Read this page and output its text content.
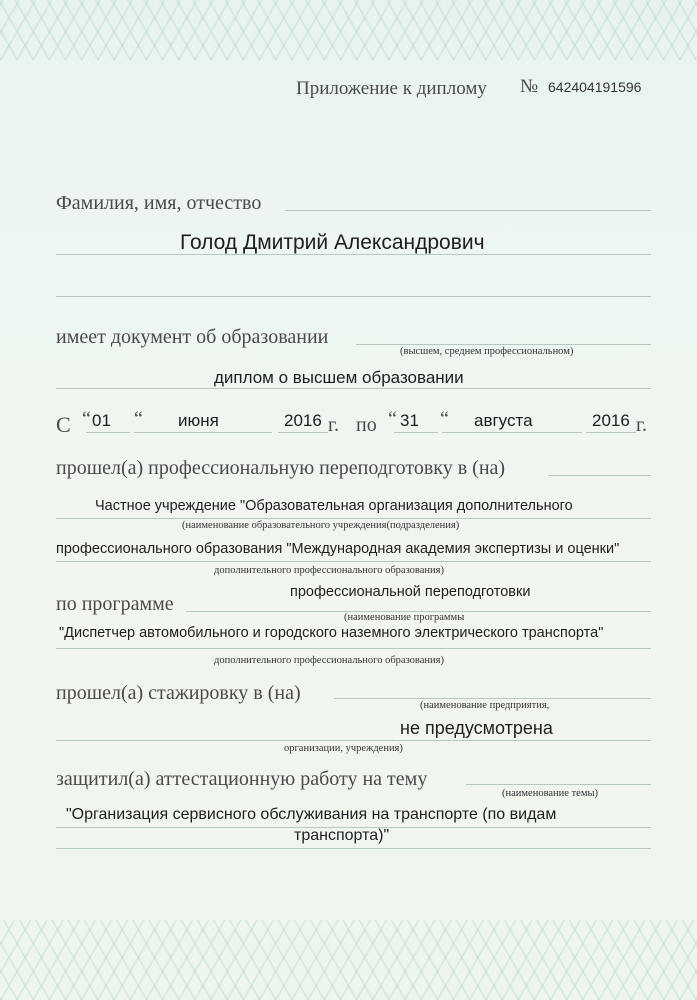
Приложение к диплому № 642404191596
Фамилия, имя, отчество
Голод Дмитрий Александрович
имеет документ об образовании
(высшем, среднем профессиональном)
диплом о высшем образовании
С “ 01 “ июня	2016 г. по “ 31 “ августа	2016 г.
прошел(а) профессиональную переподготовку в (на)
Частное учреждение "Образовательная организация дополнительного
(наименование образовательного учреждения(подразделения)
профессионального образования "Международная академия экспертизы и оценки"
дополнительного профессионального образования)
по программе
профессиональной переподготовки
(наименование программы
"Диспетчер автомобильного и городского наземного электрического транспорта"
дополнительного профессионального образования)
прошел(а) стажировку в (на)
(наименование предприятия,
не предусмотрена
организации, учреждения)
защитил(а) аттестационную работу на тему
(наименование темы)
"Организация сервисного обслуживания на транспорте (по видам
транспорта)"
